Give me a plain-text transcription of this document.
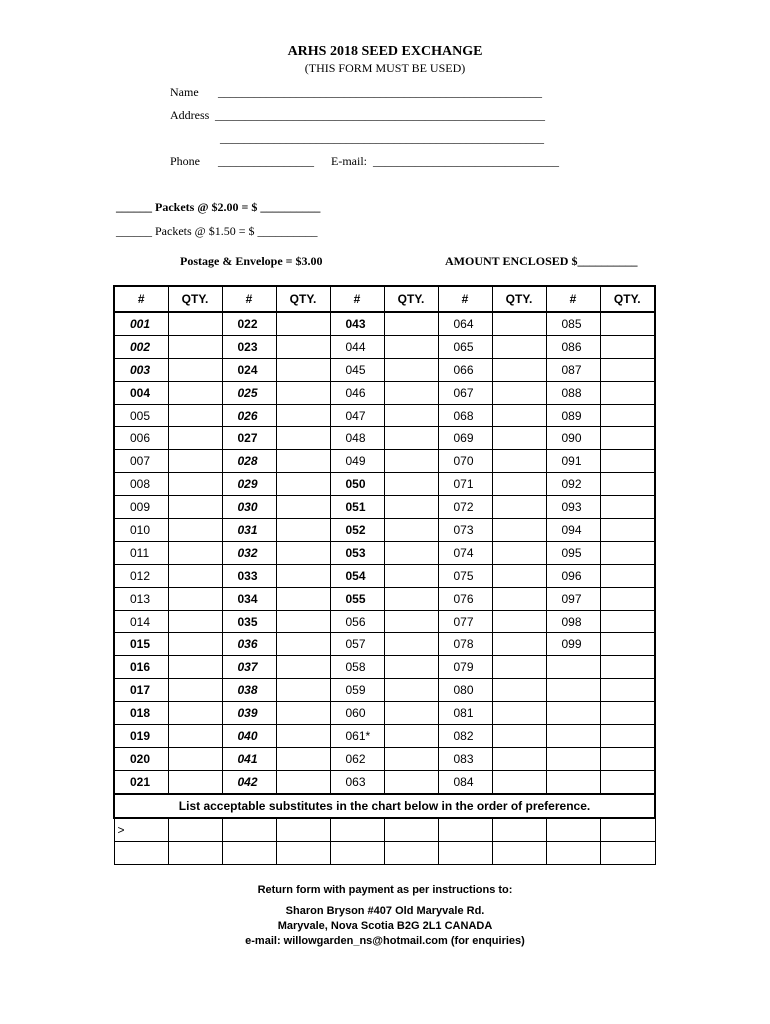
ARHS 2018 SEED EXCHANGE
(THIS FORM MUST BE USED)
Name ______________________________________________________
Address _______________________________________________________
______________________________________________________
Phone ________________ E-mail: _______________________________
______ Packets @ $2.00 = $ __________
______ Packets @ $1.50 = $ __________
Postage & Envelope = $3.00	AMOUNT ENCLOSED $__________
#	QTY.	#	QTY.	#	QTY.	#	QTY.	#	QTY.
001		022		043		064		085	
002		023		044		065		086	
003		024		045		066		087	
004		025		046		067		088	
005		026		047		068		089	
006		027		048		069		090	
007		028		049		070		091	
008		029		050		071		092	
009		030		051		072		093	
010		031		052		073		094	
011		032		053		074		095	
012		033		054		075		096	
013		034		055		076		097	
014		035		056		077		098	
015		036		057		078		099	
016		037		058		079			
017		038		059		080			
018		039		060		081			
019		040		061*		082			
020		041		062		083			
021		042		063		084			
List acceptable substitutes in the chart below in the order of preference.									
>									

Return form with payment as per instructions to:
Sharon Bryson #407 Old Maryvale Rd.
Maryvale, Nova Scotia B2G 2L1 CANADA
e-mail: willowgarden_ns@hotmail.com (for enquiries)
